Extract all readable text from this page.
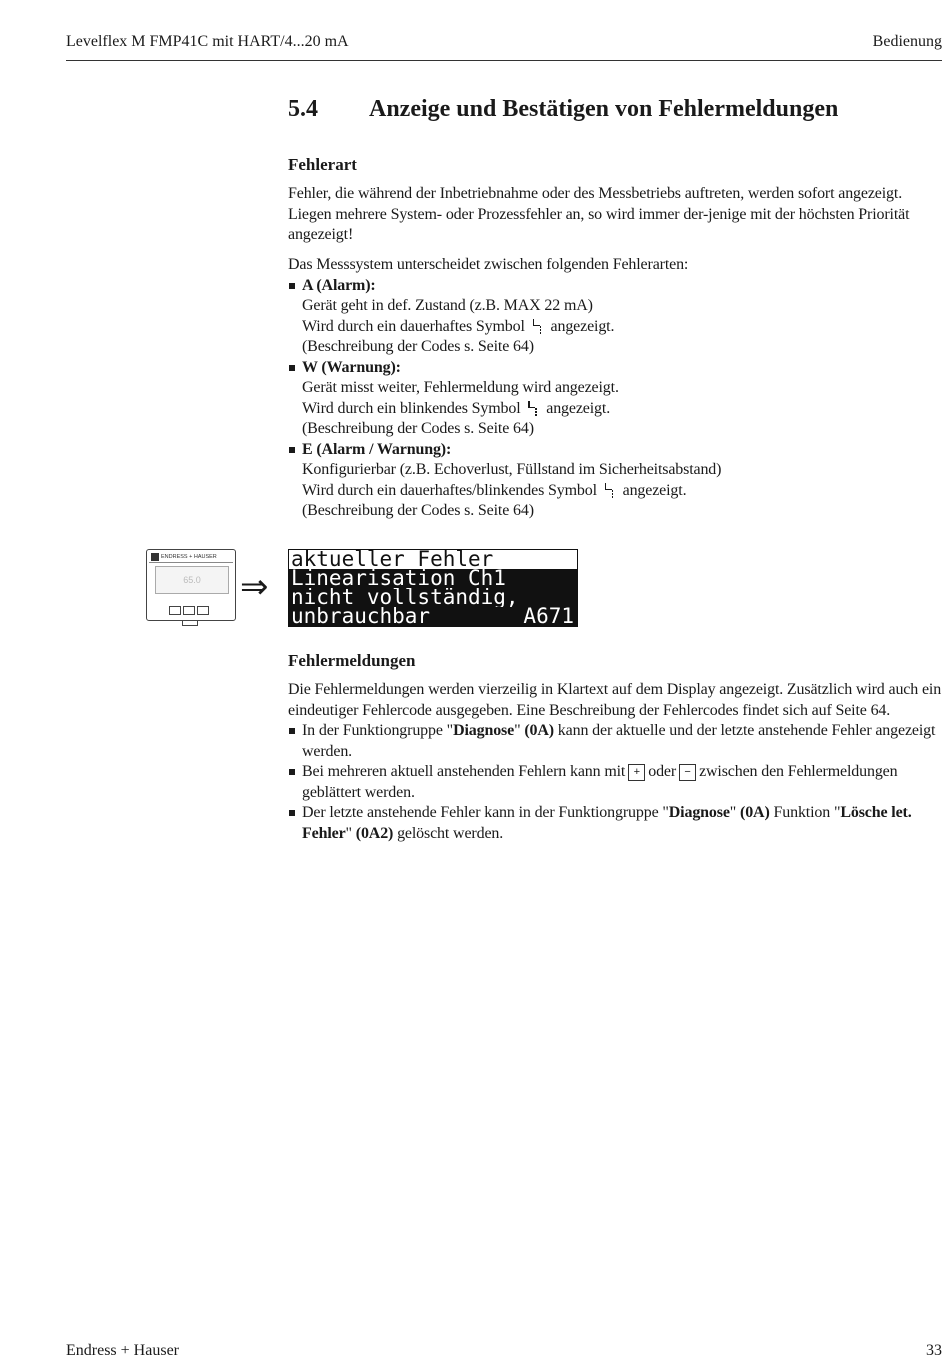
Levelflex M FMP41C mit HART/4...20 mA	Bedienung
5.4 Anzeige und Bestätigen von Fehlermeldungen
Fehlerart
Fehler, die während der Inbetriebnahme oder des Messbetriebs auftreten, werden sofort angezeigt. Liegen mehrere System- oder Prozessfehler an, so wird immer der-jenige mit der höchsten Priorität angezeigt!
Das Messsystem unterscheidet zwischen folgenden Fehlerarten:
A (Alarm):
Gerät geht in def. Zustand (z.B. MAX 22 mA)
Wird durch ein dauerhaftes Symbol angezeigt.
(Beschreibung der Codes s. Seite 64)
W (Warnung):
Gerät misst weiter, Fehlermeldung wird angezeigt.
Wird durch ein blinkendes Symbol angezeigt.
(Beschreibung der Codes s. Seite 64)
E (Alarm / Warnung):
Konfigurierbar (z.B. Echoverlust, Füllstand im Sicherheitsabstand)
Wird durch ein dauerhaftes/blinkendes Symbol angezeigt.
(Beschreibung der Codes s. Seite 64)
ENDRESS + HAUSER
65.0	⇒
aktueller Fehler
Linearisation Ch1
nicht vollständig,
unbrauchbar	A671
Fehlermeldungen
Die Fehlermeldungen werden vierzeilig in Klartext auf dem Display angezeigt. Zusätzlich wird auch ein eindeutiger Fehlercode ausgegeben. Eine Beschreibung der Fehlercodes findet sich auf Seite 64.
In der Funktiongruppe "Diagnose" (0A) kann der aktuelle und der letzte anstehende Fehler angezeigt werden.
Bei mehreren aktuell anstehenden Fehlern kann mit + oder − zwischen den Fehlermeldungen geblättert werden.
Der letzte anstehende Fehler kann in der Funktiongruppe "Diagnose" (0A) Funktion "Lösche let. Fehler" (0A2) gelöscht werden.
Endress + Hauser	33
